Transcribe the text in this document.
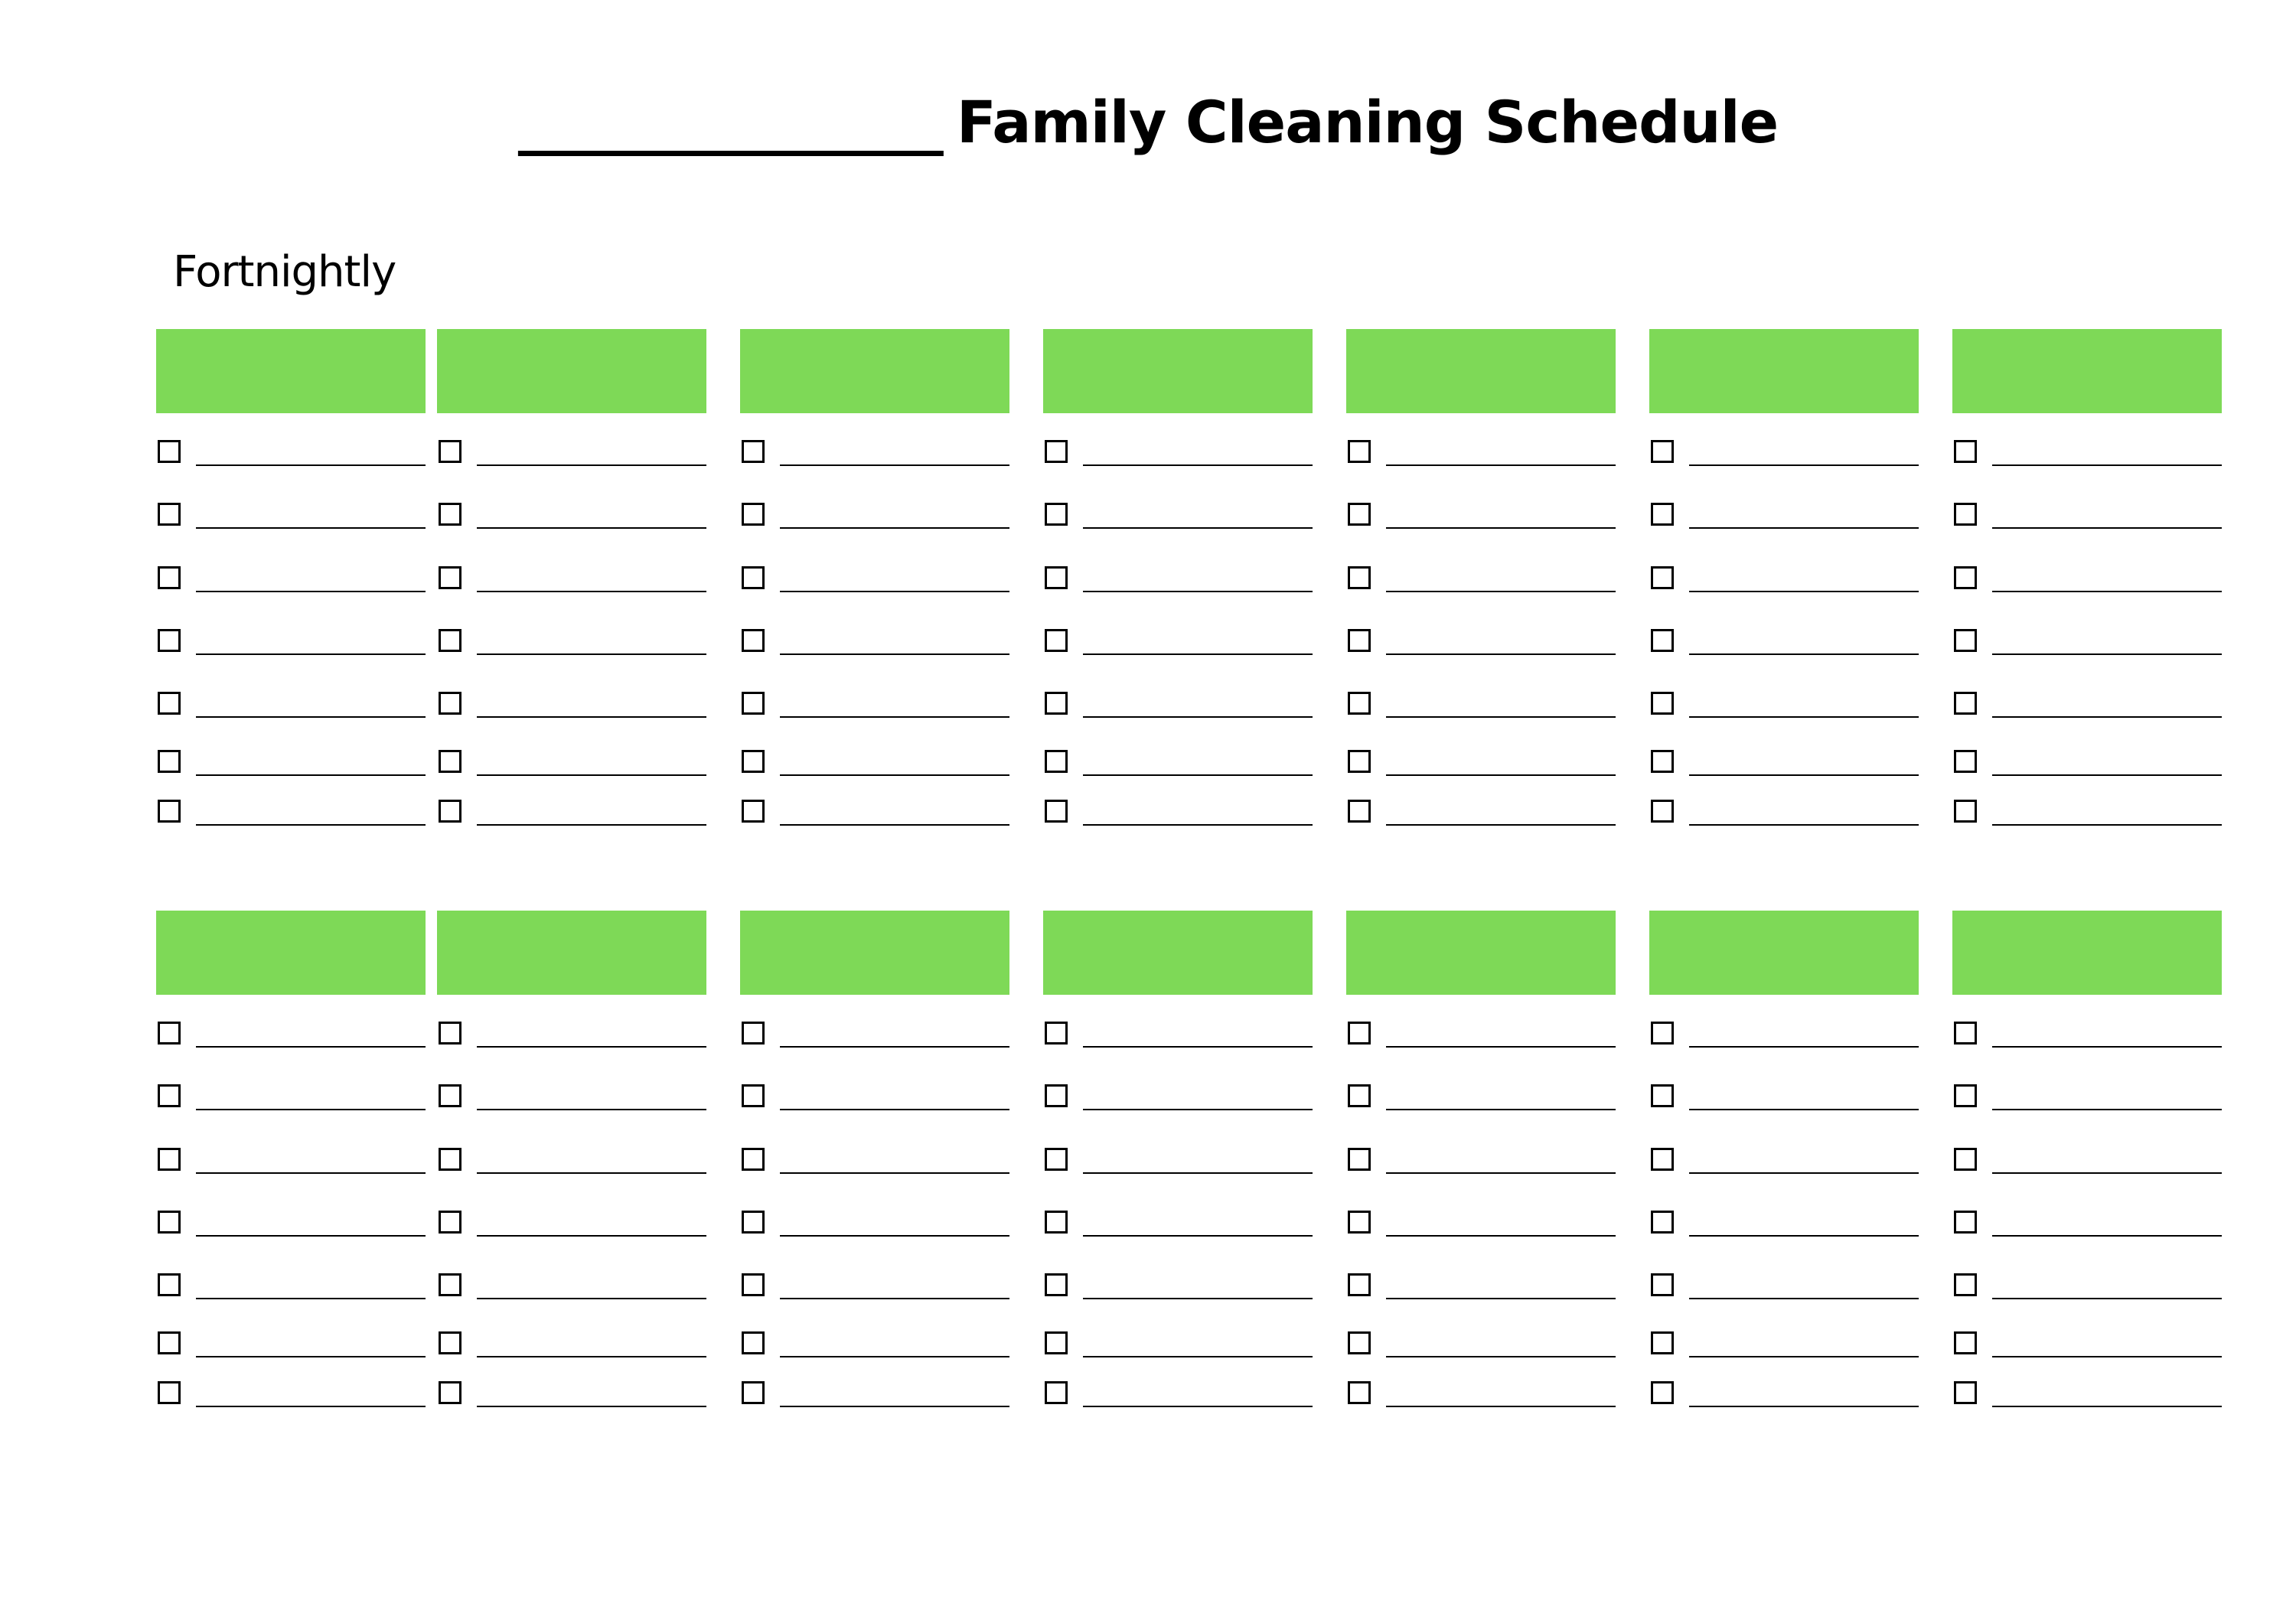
_______________ Family Cleaning Schedule
Fortnightly
